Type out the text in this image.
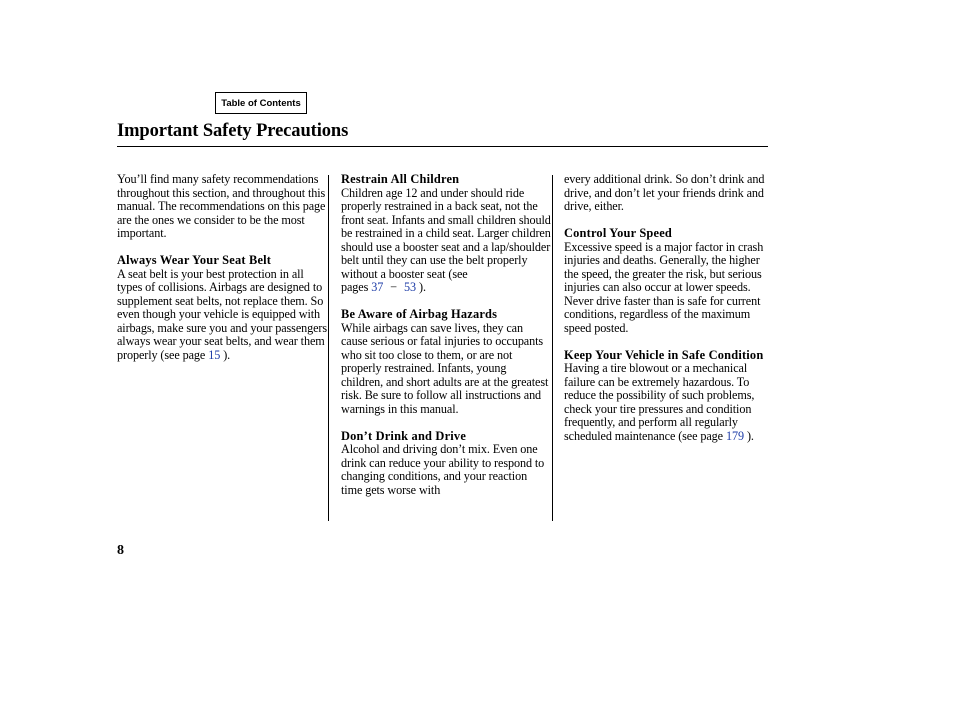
Table of Contents
Important Safety Precautions

You’ll find many safety recommendations throughout this section, and throughout this manual. The recommendations on this page are the ones we consider to be the most important.

Always Wear Your Seat Belt

A seat belt is your best protection in all types of collisions. Airbags are designed to supplement seat belts, not replace them. So even though your vehicle is equipped with airbags, make sure you and your passengers always wear your seat belts, and wear them properly (see page 15 ).

Restrain All Children

Children age 12 and under should ride properly restrained in a back seat, not the front seat. Infants and small children should be restrained in a child seat. Larger children should use a booster seat and a lap/shoulder belt until they can use the belt properly without a booster seat (see pages 37 − 53 ).

Be Aware of Airbag Hazards

While airbags can save lives, they can cause serious or fatal injuries to occupants who sit too close to them, or are not properly restrained. Infants, young children, and short adults are at the greatest risk. Be sure to follow all instructions and warnings in this manual.

Don’t Drink and Drive

Alcohol and driving don’t mix. Even one drink can reduce your ability to respond to changing conditions, and your reaction time gets worse with

every additional drink. So don’t drink and drive, and don’t let your friends drink and drive, either.

Control Your Speed

Excessive speed is a major factor in crash injuries and deaths. Generally, the higher the speed, the greater the risk, but serious injuries can also occur at lower speeds. Never drive faster than is safe for current conditions, regardless of the maximum speed posted.

Keep Your Vehicle in Safe Condition

Having a tire blowout or a mechanical failure can be extremely hazardous. To reduce the possibility of such problems, check your tire pressures and condition frequently, and perform all regularly scheduled maintenance (see page 179 ).

8
